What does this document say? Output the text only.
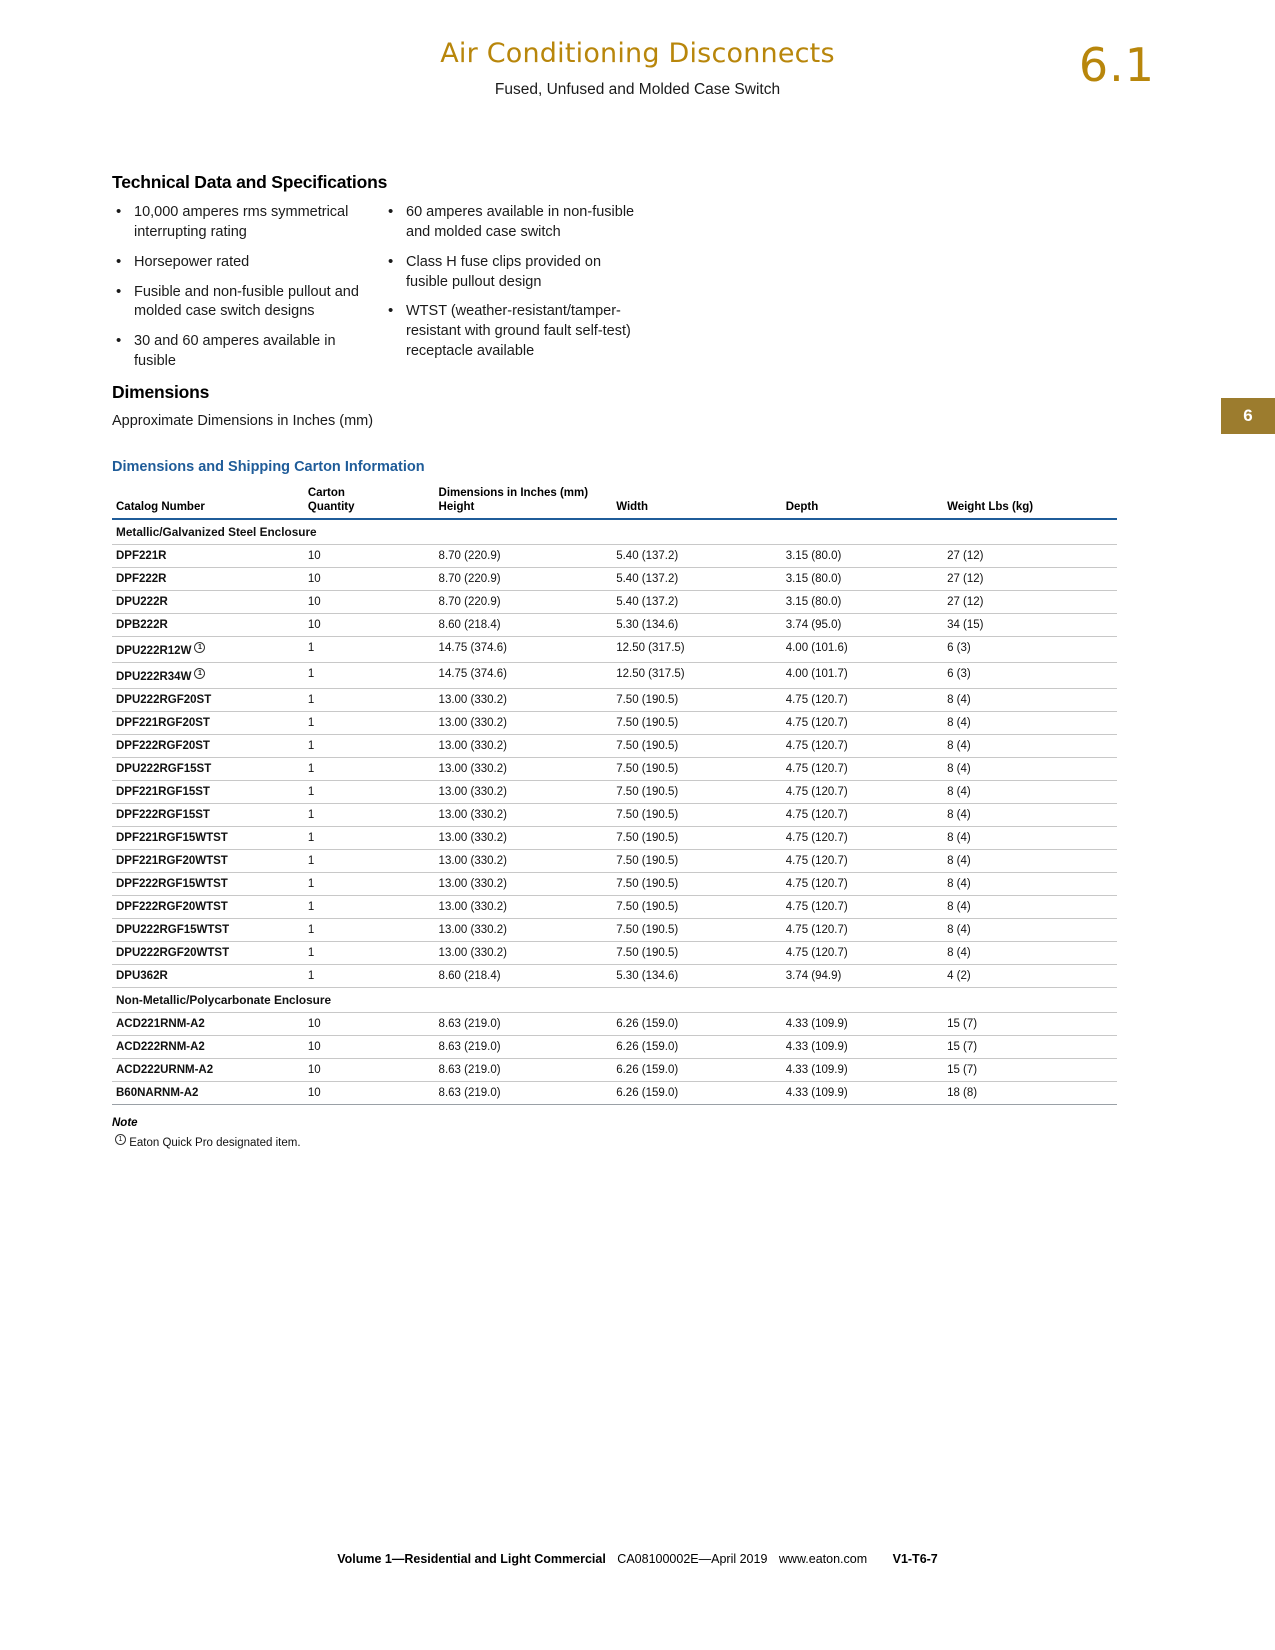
Air Conditioning Disconnects
Fused, Unfused and Molded Case Switch	6.1
6
Technical Data and Specifications
• 10,000 amperes rms symmetrical interrupting rating
• Horsepower rated
• Fusible and non-fusible pullout and molded case switch designs
• 30 and 60 amperes available in fusible
• 60 amperes available in non-fusible and molded case switch
• Class H fuse clips provided on fusible pullout design
• WTST (weather-resistant/tamper-resistant with ground fault self-test) receptacle available
Dimensions
Approximate Dimensions in Inches (mm)
Dimensions and Shipping Carton Information
	Carton	Dimensions in Inches (mm)			
Catalog Number	Quantity	Height	Width	Depth	Weight Lbs (kg)
Metallic/Galvanized Steel Enclosure					
DPF221R	10	8.70 (220.9)	5.40 (137.2)	3.15 (80.0)	27 (12)
DPF222R	10	8.70 (220.9)	5.40 (137.2)	3.15 (80.0)	27 (12)
DPU222R	10	8.70 (220.9)	5.40 (137.2)	3.15 (80.0)	27 (12)
DPB222R	10	8.60 (218.4)	5.30 (134.6)	3.74 (95.0)	34 (15)
DPU222R12W 1	1	14.75 (374.6)	12.50 (317.5)	4.00 (101.6)	6 (3)
DPU222R34W 1	1	14.75 (374.6)	12.50 (317.5)	4.00 (101.7)	6 (3)
DPU222RGF20ST	1	13.00 (330.2)	7.50 (190.5)	4.75 (120.7)	8 (4)
DPF221RGF20ST	1	13.00 (330.2)	7.50 (190.5)	4.75 (120.7)	8 (4)
DPF222RGF20ST	1	13.00 (330.2)	7.50 (190.5)	4.75 (120.7)	8 (4)
DPU222RGF15ST	1	13.00 (330.2)	7.50 (190.5)	4.75 (120.7)	8 (4)
DPF221RGF15ST	1	13.00 (330.2)	7.50 (190.5)	4.75 (120.7)	8 (4)
DPF222RGF15ST	1	13.00 (330.2)	7.50 (190.5)	4.75 (120.7)	8 (4)
DPF221RGF15WTST	1	13.00 (330.2)	7.50 (190.5)	4.75 (120.7)	8 (4)
DPF221RGF20WTST	1	13.00 (330.2)	7.50 (190.5)	4.75 (120.7)	8 (4)
DPF222RGF15WTST	1	13.00 (330.2)	7.50 (190.5)	4.75 (120.7)	8 (4)
DPF222RGF20WTST	1	13.00 (330.2)	7.50 (190.5)	4.75 (120.7)	8 (4)
DPU222RGF15WTST	1	13.00 (330.2)	7.50 (190.5)	4.75 (120.7)	8 (4)
DPU222RGF20WTST	1	13.00 (330.2)	7.50 (190.5)	4.75 (120.7)	8 (4)
DPU362R	1	8.60 (218.4)	5.30 (134.6)	3.74 (94.9)	4 (2)
Non-Metallic/Polycarbonate Enclosure					
ACD221RNM-A2	10	8.63 (219.0)	6.26 (159.0)	4.33 (109.9)	15 (7)
ACD222RNM-A2	10	8.63 (219.0)	6.26 (159.0)	4.33 (109.9)	15 (7)
ACD222URNM-A2	10	8.63 (219.0)	6.26 (159.0)	4.33 (109.9)	15 (7)
B60NARNM-A2	10	8.63 (219.0)	6.26 (159.0)	4.33 (109.9)	18 (8)
Note
1 Eaton Quick Pro designated item.
Volume 1—Residential and Light Commercial CA08100002E—April 2019 www.eaton.com V1-T6-7
